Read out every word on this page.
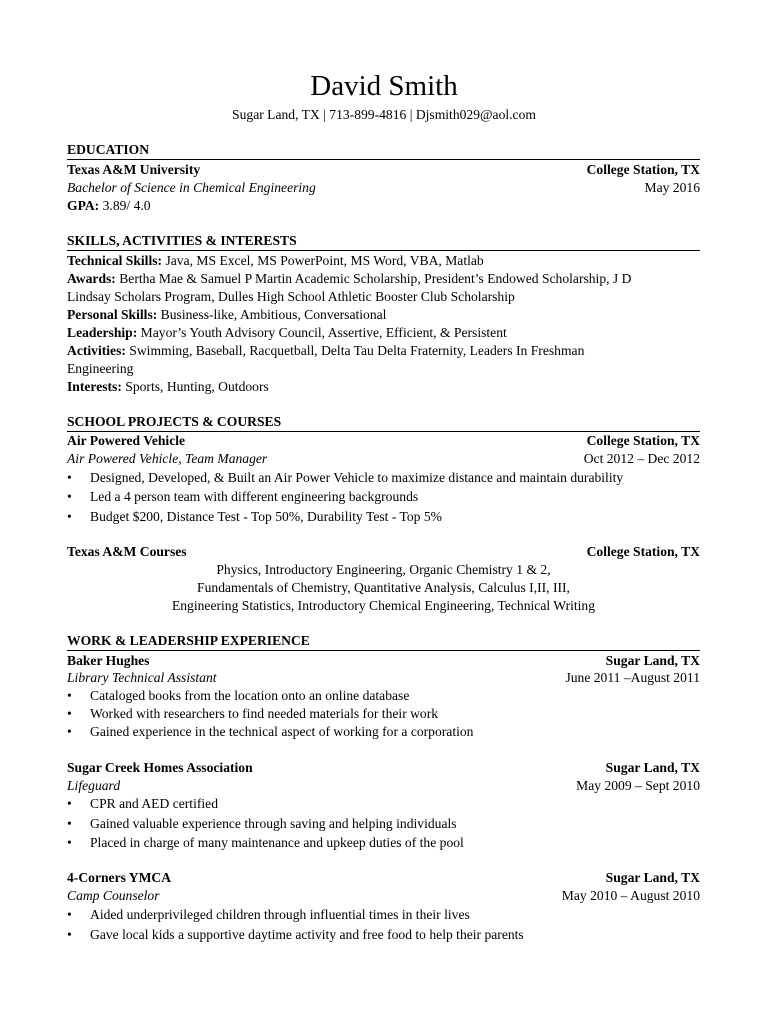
David Smith
Sugar Land, TX | 713-899-4816 | Djsmith029@aol.com
EDUCATION
Texas A&M University	College Station, TX
Bachelor of Science in Chemical Engineering	May 2016
GPA: 3.89/ 4.0
SKILLS, ACTIVITIES & INTERESTS
Technical Skills: Java, MS Excel, MS PowerPoint, MS Word, VBA, Matlab
Awards: Bertha Mae & Samuel P Martin Academic Scholarship, President’s Endowed Scholarship, J D
Lindsay Scholars Program, Dulles High School Athletic Booster Club Scholarship
Personal Skills: Business-like, Ambitious, Conversational
Leadership: Mayor’s Youth Advisory Council, Assertive, Efficient, & Persistent
Activities: Swimming, Baseball, Racquetball, Delta Tau Delta Fraternity, Leaders In Freshman
Engineering
Interests: Sports, Hunting, Outdoors
SCHOOL PROJECTS & COURSES
Air Powered Vehicle	College Station, TX
Air Powered Vehicle, Team Manager	Oct 2012 – Dec 2012
• Designed, Developed, & Built an Air Power Vehicle to maximize distance and maintain durability
• Led a 4 person team with different engineering backgrounds
• Budget $200, Distance Test - Top 50%, Durability Test - Top 5%
Texas A&M Courses	College Station, TX
Physics, Introductory Engineering, Organic Chemistry 1 & 2,
Fundamentals of Chemistry, Quantitative Analysis, Calculus I,II, III,
Engineering Statistics, Introductory Chemical Engineering, Technical Writing
WORK & LEADERSHIP EXPERIENCE
Baker Hughes	Sugar Land, TX
Library Technical Assistant	June 2011 –August 2011
• Cataloged books from the location onto an online database
• Worked with researchers to find needed materials for their work
• Gained experience in the technical aspect of working for a corporation
Sugar Creek Homes Association	Sugar Land, TX
Lifeguard	May 2009 – Sept 2010
• CPR and AED certified
• Gained valuable experience through saving and helping individuals
• Placed in charge of many maintenance and upkeep duties of the pool
4-Corners YMCA	Sugar Land, TX
Camp Counselor	May 2010 – August 2010
• Aided underprivileged children through influential times in their lives
• Gave local kids a supportive daytime activity and free food to help their parents
